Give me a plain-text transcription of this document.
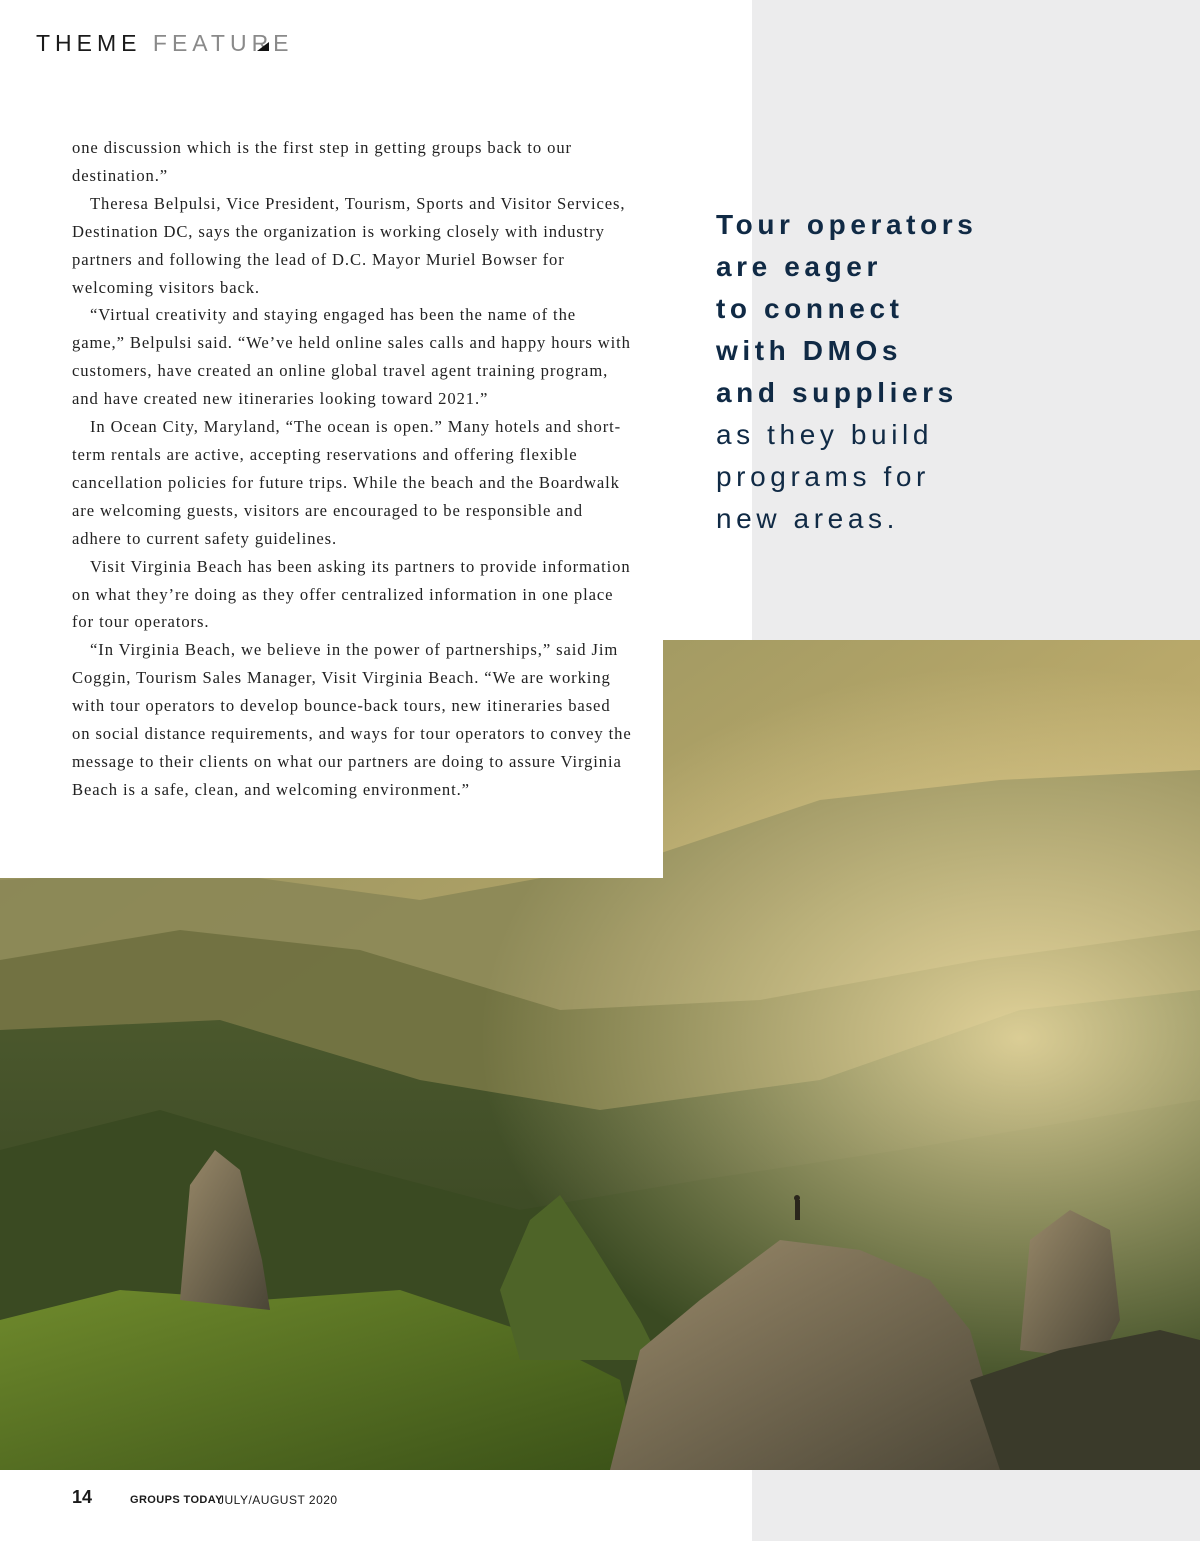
THEME FEATURE

one discussion which is the first step in getting groups back to our destination.”

Theresa Belpulsi, Vice President, Tourism, Sports and Visitor Services, Destination DC, says the organization is working closely with industry partners and following the lead of D.C. Mayor Muriel Bowser for welcoming visitors back.

“Virtual creativity and staying engaged has been the name of the game,” Belpulsi said. “We’ve held online sales calls and happy hours with customers, have created an online global travel agent training program, and have created new itineraries looking toward 2021.”

In Ocean City, Maryland, “The ocean is open.” Many hotels and short-term rentals are active, accepting reservations and offering flexible cancellation policies for future trips. While the beach and the Boardwalk are welcoming guests, visitors are encouraged to be responsible and adhere to current safety guidelines.

Visit Virginia Beach has been asking its partners to provide information on what they’re doing as they offer centralized information in one place for tour operators.

“In Virginia Beach, we believe in the power of partnerships,” said Jim Coggin, Tourism Sales Manager, Visit Virginia Beach. “We are working with tour operators to develop bounce-back tours, new itineraries based on social distance requirements, and ways for tour operators to convey the message to their clients on what our partners are doing to assure Virginia Beach is a safe, clean, and welcoming environment.”

Tour operators
are eager
to connect
with DMOs
and suppliers
as they build
programs for
new areas.
14	GROUPS TODAY
JULY/AUGUST 2020
